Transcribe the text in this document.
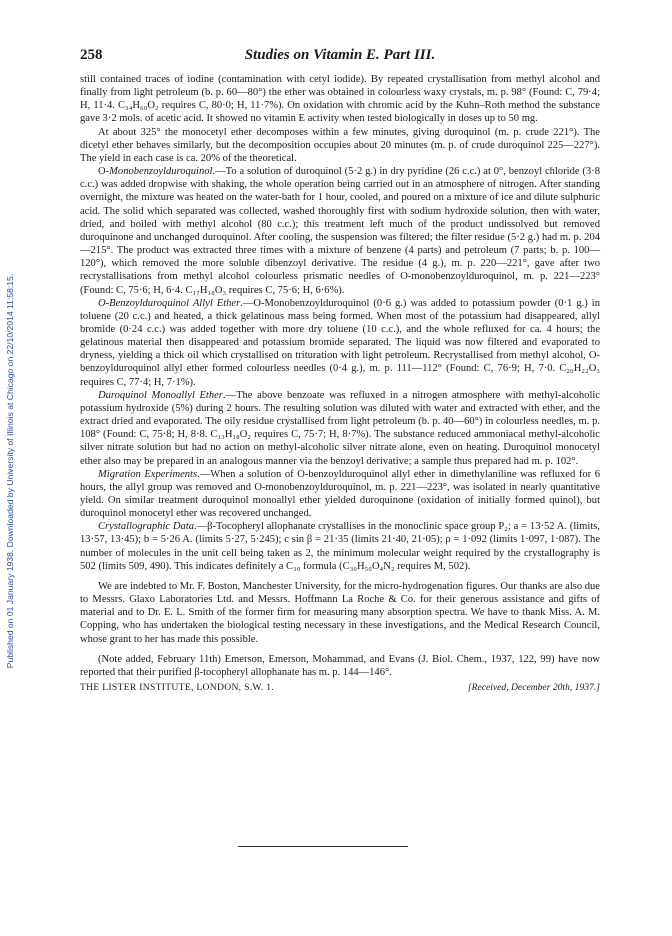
Published on 01 January 1938. Downloaded by University of Illinois at Chicago on 22/10/2014 11:58:15.
258	Studies on Vitamin E. Part III.

still contained traces of iodine (contamination with cetyl iodide). By repeated crystallisation from methyl alcohol and finally from light petroleum (b. p. 60—80°) the ether was obtained in colourless waxy crystals, m. p. 98° (Found: C, 79·4; H, 11·4. C₃₄H₆₀O₂ requires C, 80·0; H, 11·7%). On oxidation with chromic acid by the Kuhn–Roth method the substance gave 3·2 mols. of acetic acid. It showed no vitamin E activity when tested biologically in doses up to 50 mg.

At about 325° the monocetyl ether decomposes within a few minutes, giving duroquinol (m. p. crude 221°). The dicetyl ether behaves similarly, but the decomposition occupies about 20 minutes (m. p. of crude duroquinol 225—227°). The yield in each case is ca. 20% of the theoretical.

O-Monobenzoylduroquinol.—To a solution of duroquinol (5·2 g.) in dry pyridine (26 c.c.) at 0°, benzoyl chloride (3·8 c.c.) was added dropwise with shaking, the whole operation being carried out in an atmosphere of nitrogen. After standing overnight, the mixture was heated on the water-bath for 1 hour, cooled, and poured on a mixture of ice and dilute sulphuric acid. The solid which separated was collected, washed thoroughly first with sodium hydroxide solution, then with water, dried, and boiled with methyl alcohol (80 c.c.); this treatment left much of the product undissolved but removed duroquinone and unchanged duroquinol. After cooling, the suspension was filtered; the filter residue (5·2 g.) had m. p. 204—215°. The product was extracted three times with a mixture of benzene (4 parts) and petroleum (7 parts; b. p. 100—120°), which removed the more soluble dibenzoyl derivative. The residue (4 g.), m. p. 220—221°, gave after two recrystallisations from methyl alcohol colourless prismatic needles of O-monobenzoylduroquinol, m. p. 221—223° (Found: C, 75·6; H, 6·4. C₁₇H₁₈O₃ requires C, 75·6; H, 6·6%).

O-Benzoylduroquinol Allyl Ether.—O-Monobenzoylduroquinol (0·6 g.) was added to potassium powder (0·1 g.) in toluene (20 c.c.) and heated, a thick gelatinous mass being formed. When most of the potassium had disappeared, allyl bromide (0·24 c.c.) was added together with more dry toluene (10 c.c.), and the whole refluxed for ca. 4 hours; the gelatinous material then disappeared and potassium bromide separated. The liquid was now filtered and evaporated to dryness, yielding a thick oil which crystallised on trituration with light petroleum. Recrystallised from methyl alcohol, O-benzoylduroquinol allyl ether formed colourless needles (0·4 g.), m. p. 111—112° (Found: C, 76·9; H, 7·0. C₂₀H₂₂O₃ requires C, 77·4; H, 7·1%).

Duroquinol Monoallyl Ether.—The above benzoate was refluxed in a nitrogen atmosphere with methyl-alcoholic potassium hydroxide (5%) during 2 hours. The resulting solution was diluted with water and extracted with ether, and the extract dried and evaporated. The oily residue crystallised from light petroleum (b. p. 40—60°) in colourless needles, m. p. 108° (Found: C, 75·8; H, 8·8. C₁₃H₁₈O₂ requires C, 75·7; H, 8·7%). The substance reduced ammoniacal methyl-alcoholic silver nitrate solution but had no action on methyl-alcoholic silver nitrate alone, even on heating. Duroquinol monocetyl ether also may be prepared in an analogous manner via the benzoyl derivative; a sample thus prepared had m. p. 102°.

Migration Experiments.—When a solution of O-benzoylduroquinol allyl ether in dimethylaniline was refluxed for 6 hours, the allyl group was removed and O-monobenzoylduroquinol, m. p. 221—223°, was isolated in nearly quantitative yield. On similar treatment duroquinol monoallyl ether yielded duroquinone (oxidation of initially formed quinol), but duroquinol monocetyl ether was recovered unchanged.

Crystallographic Data.—β-Tocopheryl allophanate crystallises in the monoclinic space group P₂; a = 13·52 A. (limits, 13·57, 13·45); b = 5·26 A. (limits 5·27, 5·245); c sin β = 21·35 (limits 21·40, 21·05); ρ = 1·092 (limits 1·097, 1·087). The number of molecules in the unit cell being taken as 2, the minimum molecular weight required by the crystallography is 502 (limits 509, 490). This indicates definitely a C₃₀ formula (C₃₀H₅₀O₄N₂ requires M, 502).

We are indebted to Mr. F. Boston, Manchester University, for the micro-hydrogenation figures. Our thanks are also due to Messrs. Glaxo Laboratories Ltd. and Messrs. Hoffmann La Roche & Co. for their generous assistance and gifts of material and to Dr. E. L. Smith of the former firm for measuring many absorption spectra. We have to thank Miss. A. M. Copping, who has undertaken the biological testing necessary in these investigations, and the Medical Research Council, whose grant to her has made this possible.

(Note added, February 11th) Emerson, Emerson, Mohammad, and Evans (J. Biol. Chem., 1937, 122, 99) have now reported that their purified β-tocopheryl allophanate has m. p. 144—146°.

THE LISTER INSTITUTE, LONDON, S.W. 1.	[Received, December 20th, 1937.]
